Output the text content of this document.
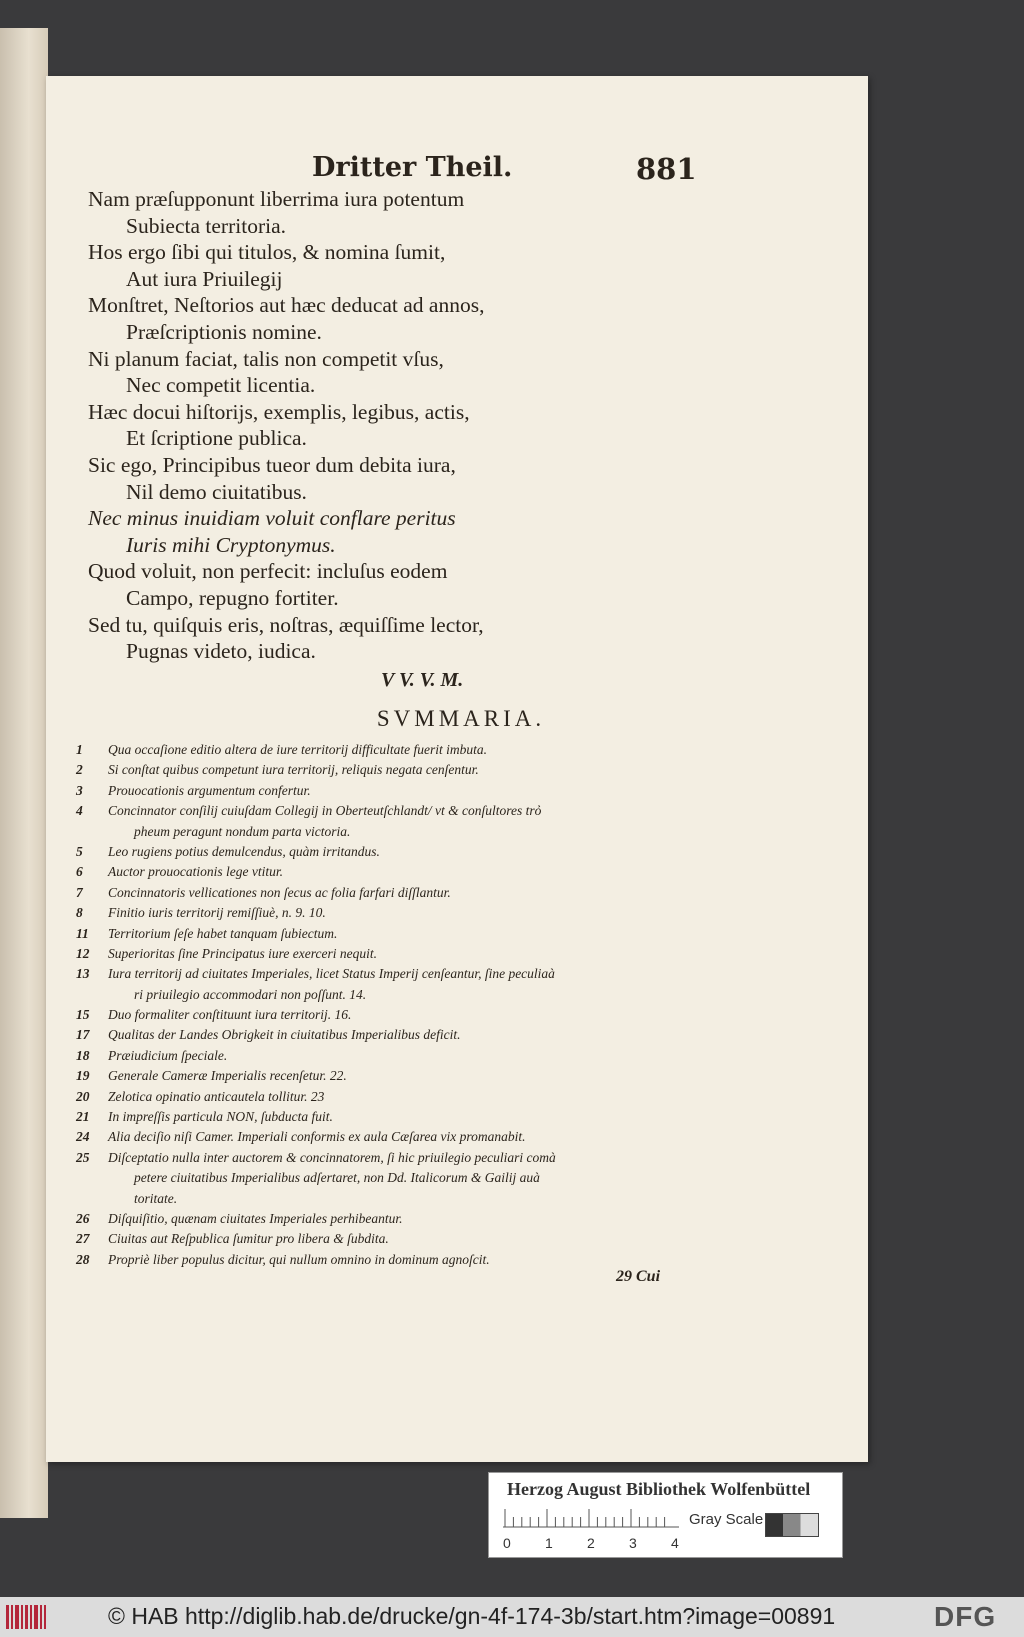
Dritter Theil.	881
Nam præſupponunt liberrima iura potentum
Subiecta territoria.
Hos ergo ſibi qui titulos, & nomina ſumit,
Aut iura Priuilegij
Monſtret, Neſtorios aut hæc deducat ad annos,
Præſcriptionis nomine.
Ni planum faciat, talis non competit vſus,
Nec competit licentia.
Hæc docui hiſtorijs, exemplis, legibus, actis,
Et ſcriptione publica.
Sic ego, Principibus tueor dum debita iura,
Nil demo ciuitatibus.
Nec minus inuidiam voluit conflare peritus
Iuris mihi Cryptonymus.
Quod voluit, non perfecit: incluſus eodem
Campo, repugno fortiter.
Sed tu, quiſquis eris, noſtras, æquiſſime lector,
Pugnas videto, iudica.
V V. V. M.
SVMMARIA.
1	Qua occaſione editio altera de iure territorij difficultate fuerit imbuta.
2	Si conſtat quibus competunt iura territorij, reliquis negata cenſentur.
3	Prouocationis argumentum confertur.
4	Concinnator conſilij cuiuſdam Collegij in Oberteutſchlandt/ vt & conſultores trỏ
pheum peragunt nondum parta victoria.
5	Leo rugiens potius demulcendus, quàm irritandus.
6	Auctor prouocationis lege vtitur.
7	Concinnatoris vellicationes non ſecus ac folia farfari diſſlantur.
8	Finitio iuris territorij remiſſiuè, n. 9. 10.
11	Territorium ſeſe habet tanquam ſubiectum.
12	Superioritas ſine Principatus iure exerceri nequit.
13	Iura territorij ad ciuitates Imperiales, licet Status Imperij cenſeantur, ſine peculiaà
ri priuilegio accommodari non poſſunt. 14.
15	Duo formaliter conſtituunt iura territorij. 16.
17	Qualitas der Landes Obrigkeit in ciuitatibus Imperialibus deficit.
18	Præiudicium ſpeciale.
19	Generale Cameræ Imperialis recenſetur. 22.
20	Zelotica opinatio anticautela tollitur. 23
21	In impreſſis particula NON, ſubducta fuit.
24	Alia deciſio niſi Camer. Imperiali conformis ex aula Cæſarea vix promanabit.
25	Diſceptatio nulla inter auctorem & concinnatorem, ſi hic priuilegio peculiari comà
petere ciuitatibus Imperialibus adſertaret, non Dd. Italicorum & Gailij auà
toritate.
26	Diſquiſitio, quænam ciuitates Imperiales perhibeantur.
27	Ciuitas aut Reſpublica ſumitur pro libera & ſubdita.
28	Propriè liber populus dicitur, qui nullum omnino in dominum agnoſcit.
29 Cui
Herzog August Bibliothek Wolfenbüttel
Gray Scale
0 1 2 3 4
© HAB http://diglib.hab.de/drucke/gn-4f-174-3b/start.htm?image=00891	DFG
